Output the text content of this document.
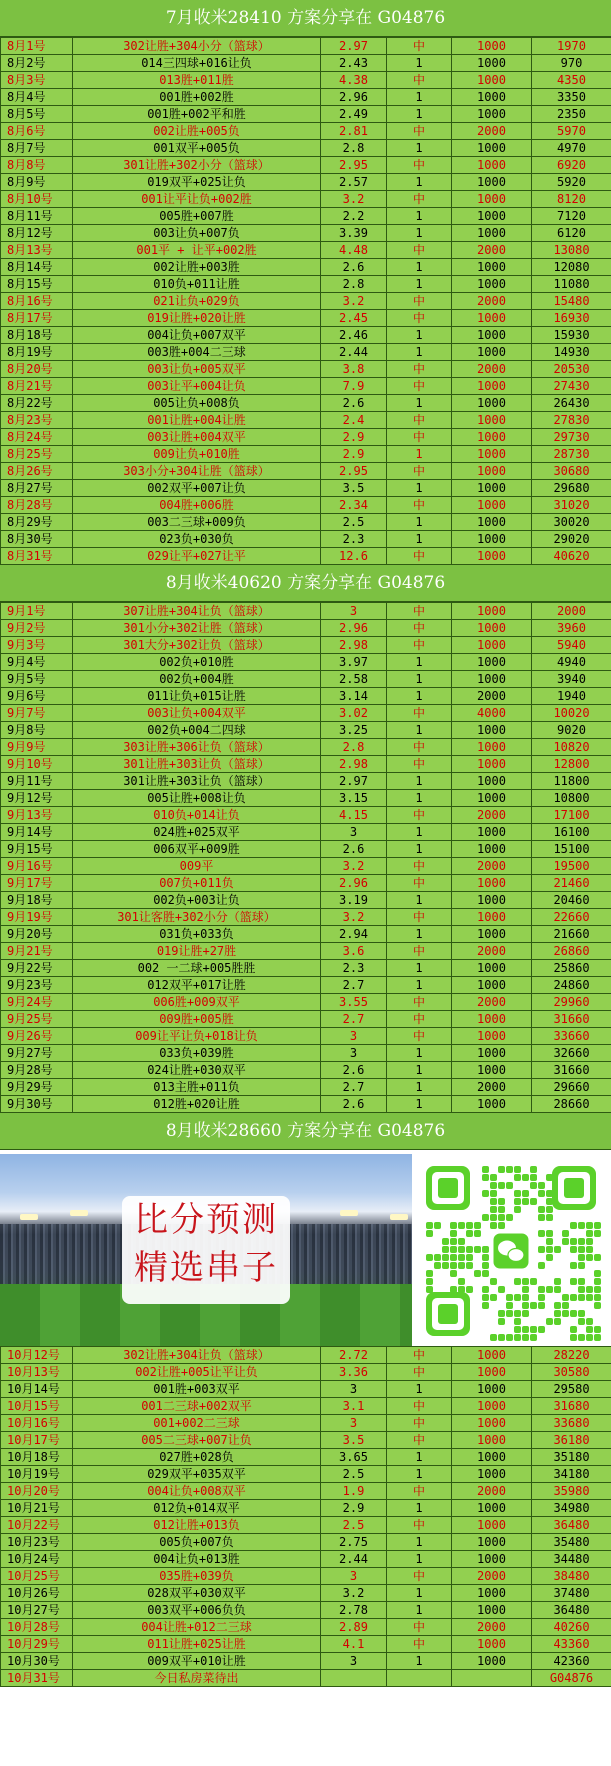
7月收米28410 方案分享在 G04876
8月1号	302让胜+304小分（篮球）	2.97	中	1000	1970
8月2号	014三四球+016让负	2.43	1	1000	970
8月3号	013胜+011胜	4.38	中	1000	4350
8月4号	001胜+002胜	2.96	1	1000	3350
8月5号	001胜+002平和胜	2.49	1	1000	2350
8月6号	002让胜+005负	2.81	中	2000	5970
8月7号	001双平+005负	2.8	1	1000	4970
8月8号	301让胜+302小分（篮球）	2.95	中	1000	6920
8月9号	019双平+025让负	2.57	1	1000	5920
8月10号	001让平让负+002胜	3.2	中	1000	8120
8月11号	005胜+007胜	2.2	1	1000	7120
8月12号	003让负+007负	3.39	1	1000	6120
8月13号	001平 + 让平+002胜	4.48	中	2000	13080
8月14号	002让胜+003胜	2.6	1	1000	12080
8月15号	010负+011让胜	2.8	1	1000	11080
8月16号	021让负+029负	3.2	中	2000	15480
8月17号	019让胜+020让胜	2.45	中	1000	16930
8月18号	004让负+007双平	2.46	1	1000	15930
8月19号	003胜+004二三球	2.44	1	1000	14930
8月20号	003让负+005双平	3.8	中	2000	20530
8月21号	003让平+004让负	7.9	中	1000	27430
8月22号	005让负+008负	2.6	1	1000	26430
8月23号	001让胜+004让胜	2.4	中	1000	27830
8月24号	003让胜+004双平	2.9	中	1000	29730
8月25号	009让负+010胜	2.9	1	1000	28730
8月26号	303小分+304让胜（篮球）	2.95	中	1000	30680
8月27号	002双平+007让负	3.5	1	1000	29680
8月28号	004胜+006胜	2.34	中	1000	31020
8月29号	003二三球+009负	2.5	1	1000	30020
8月30号	023负+030负	2.3	1	1000	29020
8月31号	029让平+027让平	12.6	中	1000	40620
8月收米40620 方案分享在 G04876
9月1号	307让胜+304让负（篮球）	3	中	1000	2000
9月2号	301小分+302让胜（篮球）	2.96	中	1000	3960
9月3号	301大分+302让负（篮球）	2.98	中	1000	5940
9月4号	002负+010胜	3.97	1	1000	4940
9月5号	002负+004胜	2.58	1	1000	3940
9月6号	011让负+015让胜	3.14	1	2000	1940
9月7号	003让负+004双平	3.02	中	4000	10020
9月8号	002负+004二四球	3.25	1	1000	9020
9月9号	303让胜+306让负（篮球）	2.8	中	1000	10820
9月10号	301让胜+303让负（篮球）	2.98	中	1000	12800
9月11号	301让胜+303让负（篮球）	2.97	1	1000	11800
9月12号	005让胜+008让负	3.15	1	1000	10800
9月13号	010负+014让负	4.15	中	2000	17100
9月14号	024胜+025双平	3	1	1000	16100
9月15号	006双平+009胜	2.6	1	1000	15100
9月16号	009平	3.2	中	2000	19500
9月17号	007负+011负	2.96	中	1000	21460
9月18号	002负+003让负	3.19	1	1000	20460
9月19号	301让客胜+302小分（篮球）	3.2	中	1000	22660
9月20号	031负+033负	2.94	1	1000	21660
9月21号	019让胜+27胜	3.6	中	2000	26860
9月22号	002 一二球+005胜胜	2.3	1	1000	25860
9月23号	012双平+017让胜	2.7	1	1000	24860
9月24号	006胜+009双平	3.55	中	2000	29960
9月25号	009胜+005胜	2.7	中	1000	31660
9月26号	009让平让负+018让负	3	中	1000	33660
9月27号	033负+039胜	3	1	1000	32660
9月28号	024让胜+030双平	2.6	1	1000	31660
9月29号	013主胜+011负	2.7	1	2000	29660
9月30号	012胜+020让胜	2.6	1	1000	28660
8月收米28660 方案分享在 G04876
比分预测
精选串子
10月12号	302让胜+304让负（篮球）	2.72	中	1000	28220
10月13号	002让胜+005让平让负	3.36	中	1000	30580
10月14号	001胜+003双平	3	1	1000	29580
10月15号	001二三球+002双平	3.1	中	1000	31680
10月16号	001+002二三球	3	中	1000	33680
10月17号	005二三球+007让负	3.5	中	1000	36180
10月18号	027胜+028负	3.65	1	1000	35180
10月19号	029双平+035双平	2.5	1	1000	34180
10月20号	004让负+008双平	1.9	中	2000	35980
10月21号	012负+014双平	2.9	1	1000	34980
10月22号	012让胜+013负	2.5	中	1000	36480
10月23号	005负+007负	2.75	1	1000	35480
10月24号	004让负+013胜	2.44	1	1000	34480
10月25号	035胜+039负	3	中	2000	38480
10月26号	028双平+030双平	3.2	1	1000	37480
10月27号	003双平+006负负	2.78	1	1000	36480
10月28号	004让胜+012二三球	2.89	中	2000	40260
10月29号	011让胜+025让胜	4.1	中	1000	43360
10月30号	009双平+010让胜	3	1	1000	42360
10月31号	今日私房菜待出				G04876
